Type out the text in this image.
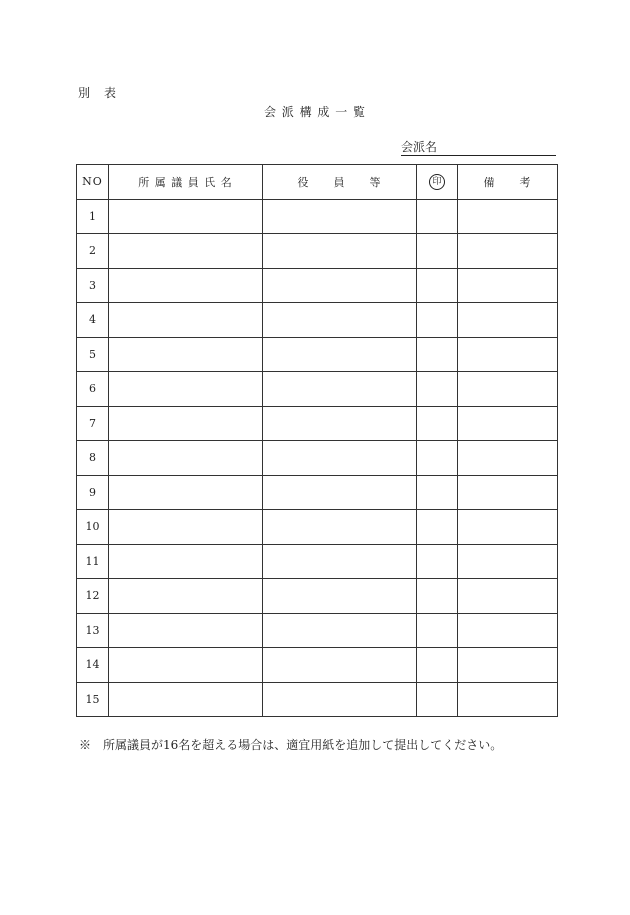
別　表
会 派 構 成 一 覧
会派名
NO	所 属 議 員 氏 名	役　　員　　等	印	備　　考
1				
2				
3				
4				
5				
6				
7				
8				
9				
10				
11				
12				
13				
14				
15				
※　所属議員が16名を超える場合は、適宜用紙を追加して提出してください。
